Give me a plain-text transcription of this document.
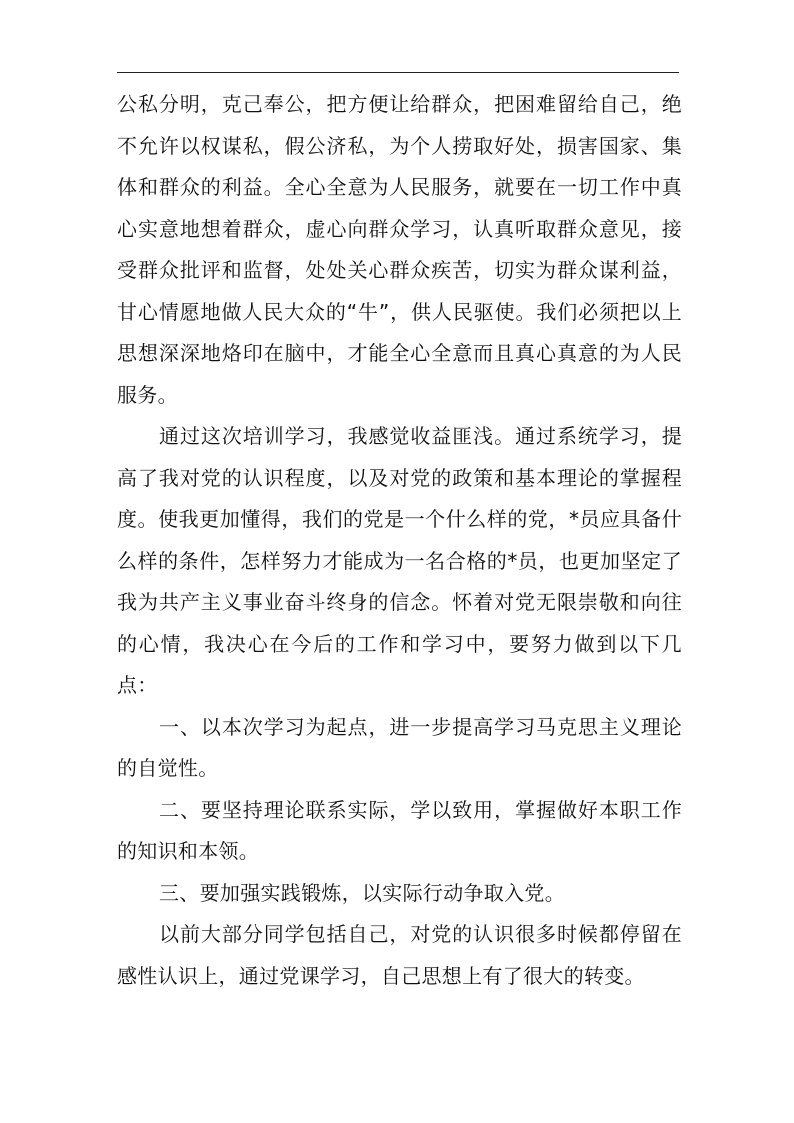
公私分明，克己奉公，把方便让给群众，把困难留给自己，绝不允许以权谋私，假公济私，为个人捞取好处，损害国家、集体和群众的利益。全心全意为人民服务，就要在一切工作中真心实意地想着群众，虚心向群众学习，认真听取群众意见，接受群众批评和监督，处处关心群众疾苦，切实为群众谋利益，甘心情愿地做人民大众的“牛”，供人民驱使。我们必须把以上思想深深地烙印在脑中，才能全心全意而且真心真意的为人民服务。

通过这次培训学习，我感觉收益匪浅。通过系统学习，提高了我对党的认识程度，以及对党的政策和基本理论的掌握程度。使我更加懂得，我们的党是一个什么样的党，*员应具备什么样的条件，怎样努力才能成为一名合格的*员，也更加坚定了我为共产主义事业奋斗终身的信念。怀着对党无限崇敬和向往的心情，我决心在今后的工作和学习中，要努力做到以下几点：

一、以本次学习为起点，进一步提高学习马克思主义理论的自觉性。

二、要坚持理论联系实际，学以致用，掌握做好本职工作的知识和本领。

三、要加强实践锻炼，以实际行动争取入党。

以前大部分同学包括自己，对党的认识很多时候都停留在感性认识上，通过党课学习，自己思想上有了很大的转变。
